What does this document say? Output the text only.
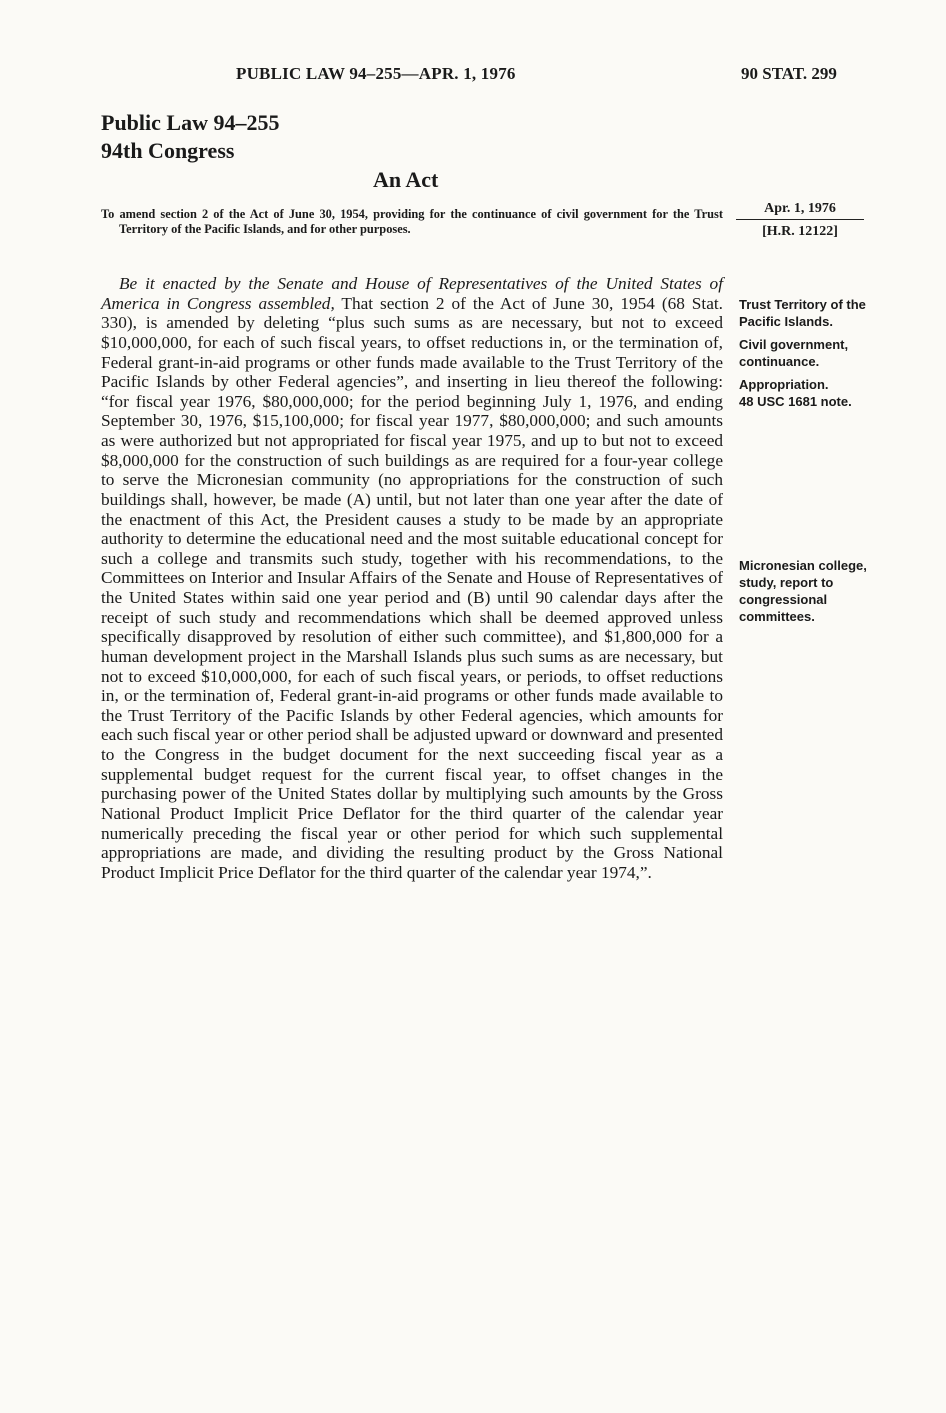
PUBLIC LAW 94–255—APR. 1, 1976	90 STAT. 299
Public Law 94–255
94th Congress
An Act
To amend section 2 of the Act of June 30, 1954, providing for the continuance of civil government for the Trust Territory of the Pacific Islands, and for other purposes.
Apr. 1, 1976
[H.R. 12122]
Be it enacted by the Senate and House of Representatives of the United States of America in Congress assembled, That section 2 of the Act of June 30, 1954 (68 Stat. 330), is amended by deleting “plus such sums as are necessary, but not to exceed $10,000,000, for each of such fiscal years, to offset reductions in, or the termination of, Federal grant-in-aid programs or other funds made available to the Trust Territory of the Pacific Islands by other Federal agencies”, and inserting in lieu thereof the following: “for fiscal year 1976, $80,000,000; for the period beginning July 1, 1976, and ending September 30, 1976, $15,100,000; for fiscal year 1977, $80,000,000; and such amounts as were authorized but not appropriated for fiscal year 1975, and up to but not to exceed $8,000,000 for the construction of such buildings as are required for a four-year college to serve the Micronesian community (no appropriations for the construction of such buildings shall, however, be made (A) until, but not later than one year after the date of the enactment of this Act, the President causes a study to be made by an appropriate authority to determine the educational need and the most suitable educational concept for such a college and transmits such study, together with his recommendations, to the Committees on Interior and Insular Affairs of the Senate and House of Representatives of the United States within said one year period and (B) until 90 calendar days after the receipt of such study and recommendations which shall be deemed approved unless specifically disapproved by resolution of either such committee), and $1,800,000 for a human development project in the Marshall Islands plus such sums as are necessary, but not to exceed $10,000,000, for each of such fiscal years, or periods, to offset reductions in, or the termination of, Federal grant-in-aid programs or other funds made available to the Trust Territory of the Pacific Islands by other Federal agencies, which amounts for each such fiscal year or other period shall be adjusted upward or downward and presented to the Congress in the budget document for the next succeeding fiscal year as a supplemental budget request for the current fiscal year, to offset changes in the purchasing power of the United States dollar by multiplying such amounts by the Gross National Product Implicit Price Deflator for the third quarter of the calendar year numerically preceding the fiscal year or other period for which such supplemental appropriations are made, and dividing the resulting product by the Gross National Product Implicit Price Deflator for the third quarter of the calendar year 1974,”.
Trust Territory of the Pacific Islands.
Civil government, continuance.
Appropriation.
48 USC 1681 note.
Micronesian college, study, report to congressional committees.
